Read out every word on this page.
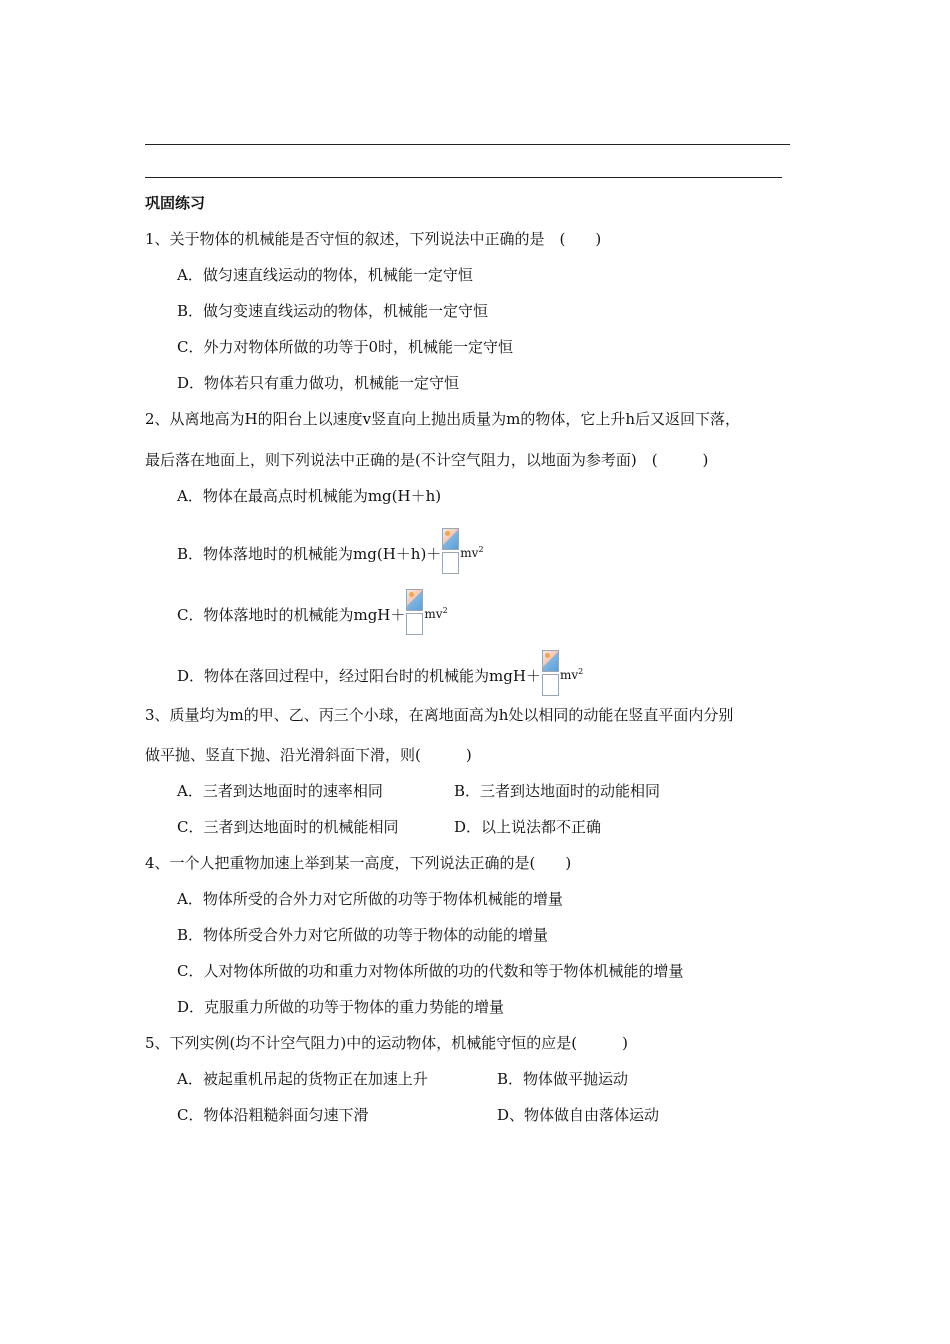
巩固练习
1、关于物体的机械能是否守恒的叙述，下列说法中正确的是　(　　)
A．做匀速直线运动的物体，机械能一定守恒
B．做匀变速直线运动的物体，机械能一定守恒
C．外力对物体所做的功等于0时，机械能一定守恒
D．物体若只有重力做功，机械能一定守恒
2、从离地高为H的阳台上以速度v竖直向上抛出质量为m的物体，它上升h后又返回下落，
最后落在地面上，则下列说法中正确的是(不计空气阻力，以地面为参考面)　(　　　)
A．物体在最高点时机械能为mg(H＋h)
B．物体落地时的机械能为mg(H＋h)＋ $^{mv^2}$
C．物体落地时的机械能为mgH＋ $^{mv^2}$
D．物体在落回过程中，经过阳台时的机械能为mgH＋ $^{mv^2}$
3、质量均为m的甲、乙、丙三个小球，在离地面高为h处以相同的动能在竖直平面内分别
做平抛、竖直下抛、沿光滑斜面下滑，则(　　　)
A．三者到达地面时的速率相同	B．三者到达地面时的动能相同
C．三者到达地面时的机械能相同	D．以上说法都不正确
4、一个人把重物加速上举到某一高度，下列说法正确的是(　　)
A．物体所受的合外力对它所做的功等于物体机械能的增量
B．物体所受合外力对它所做的功等于物体的动能的增量
C．人对物体所做的功和重力对物体所做的功的代数和等于物体机械能的增量
D．克服重力所做的功等于物体的重力势能的增量
5、下列实例(均不计空气阻力)中的运动物体，机械能守恒的应是(　　　)
A．被起重机吊起的货物正在加速上升	B．物体做平抛运动
C．物体沿粗糙斜面匀速下滑	D、物体做自由落体运动
